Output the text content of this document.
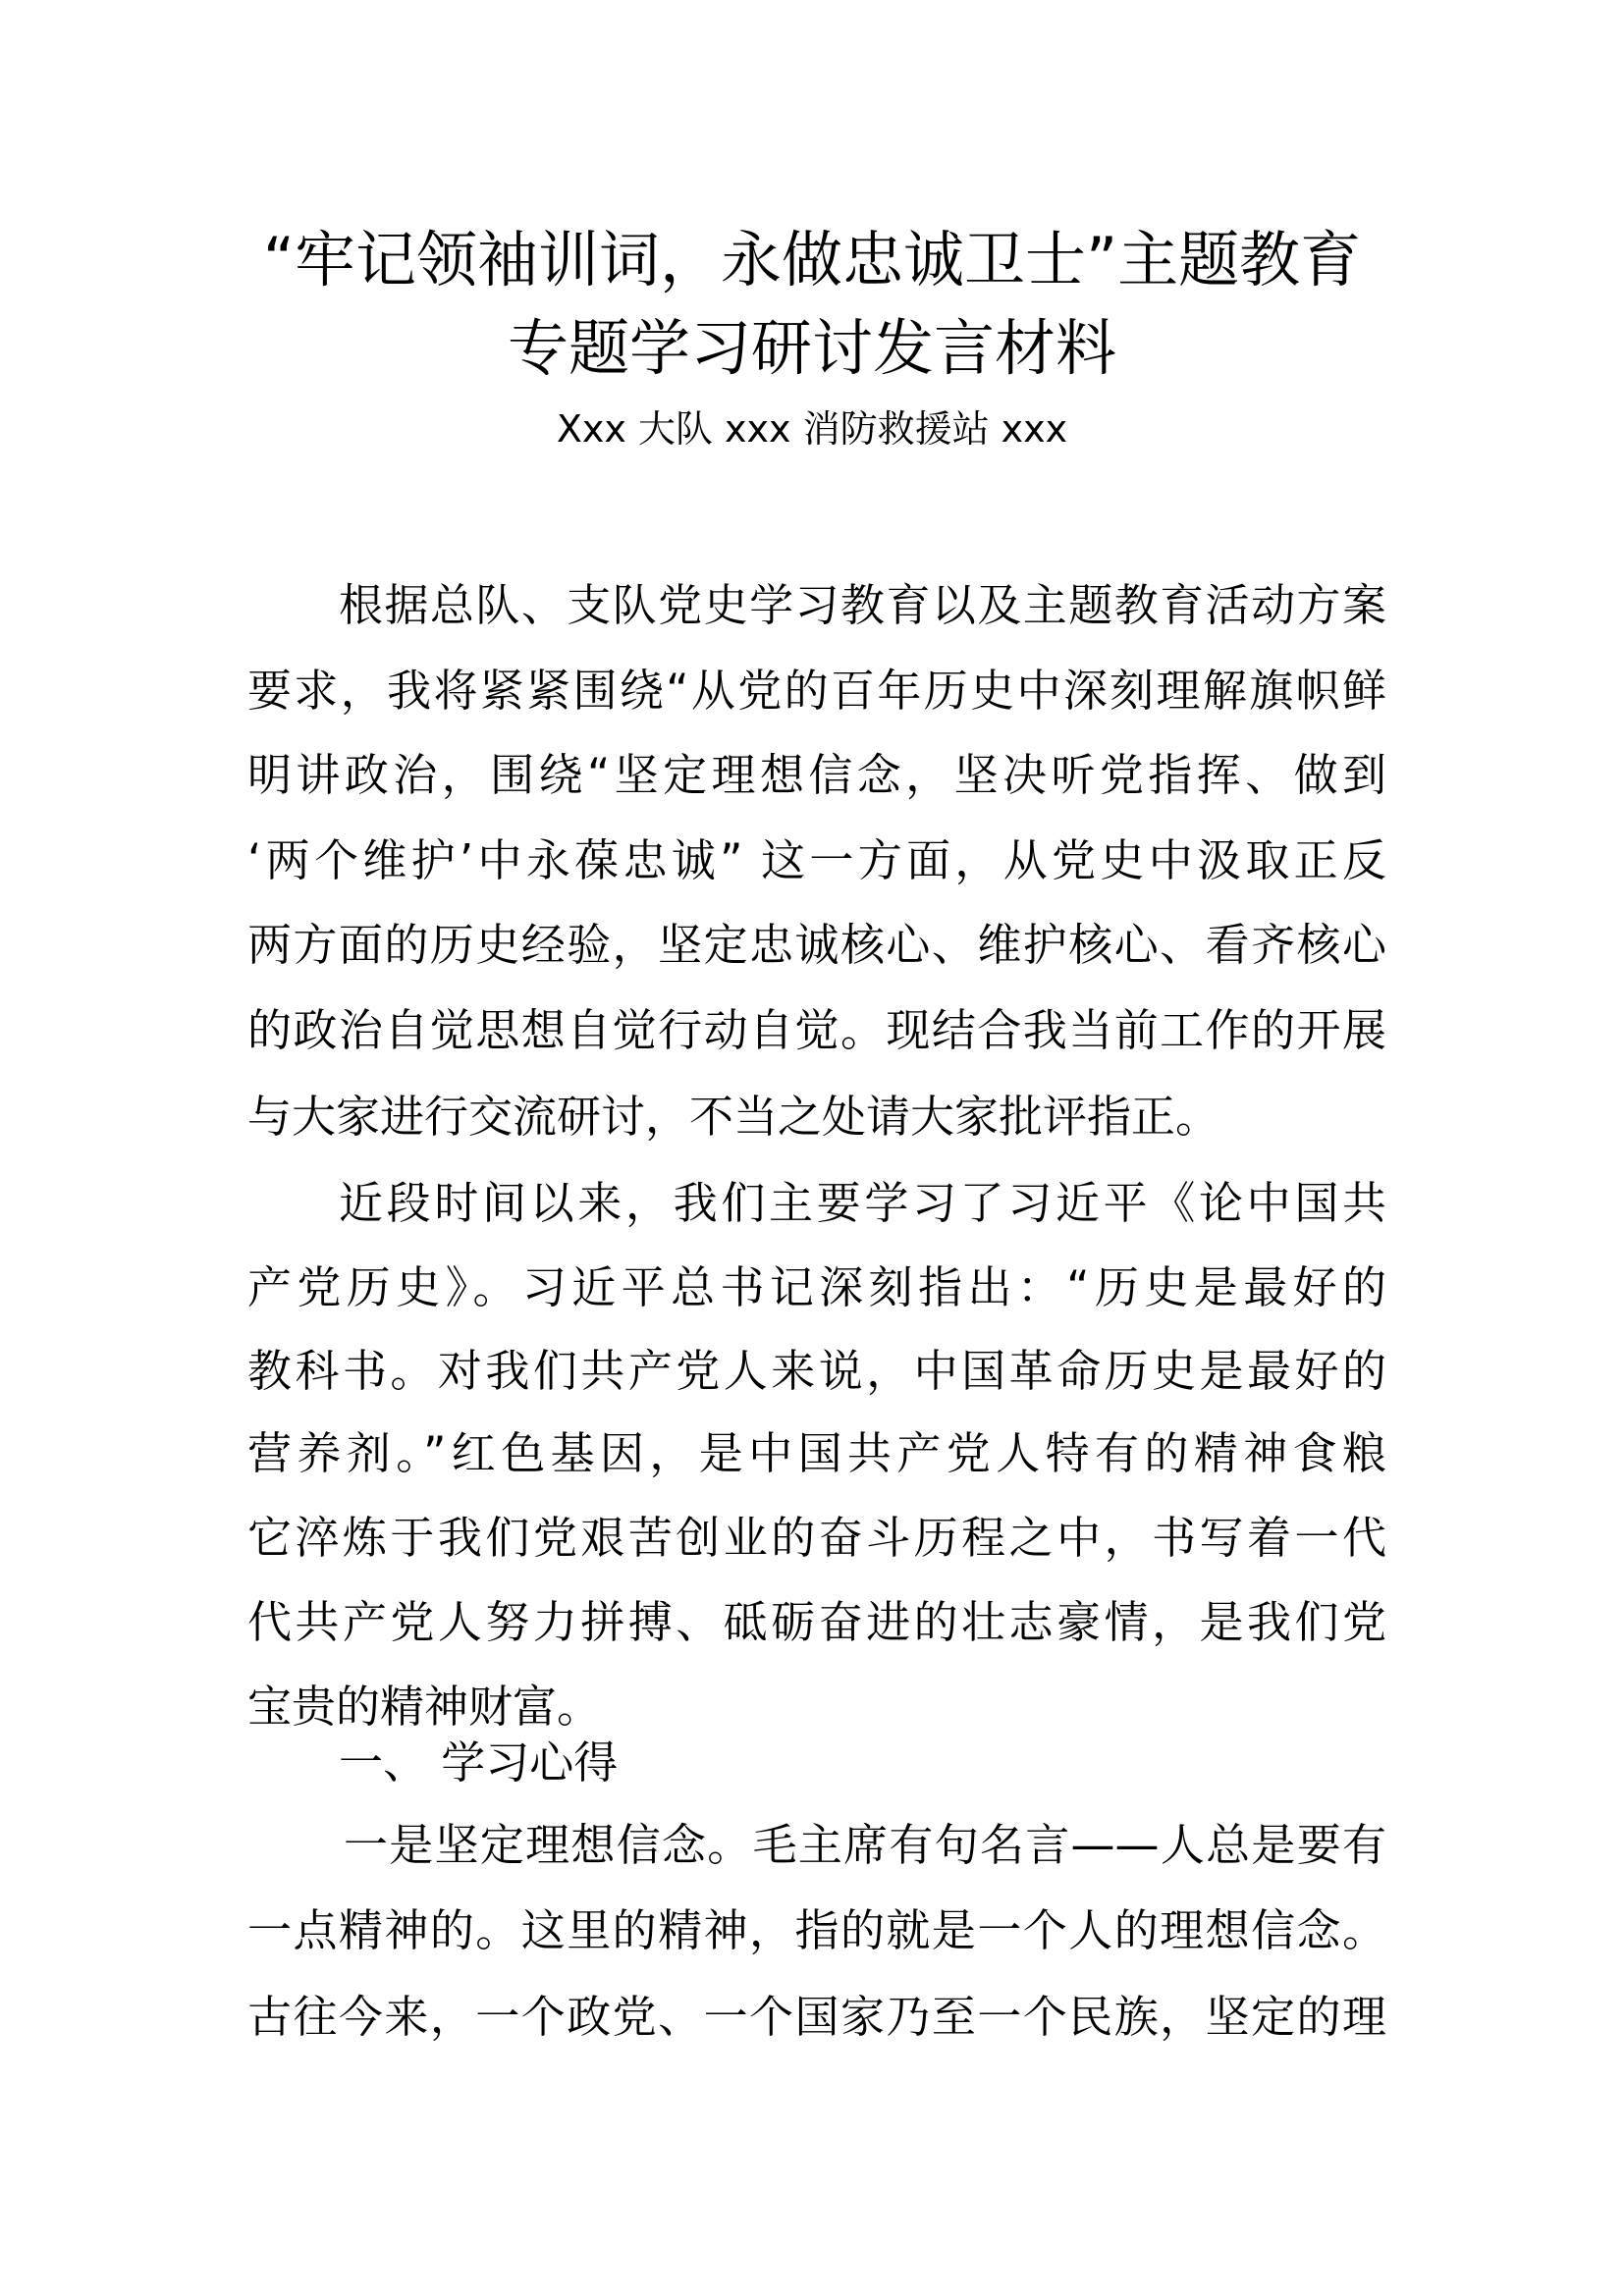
“牢记领袖训词，永做忠诚卫士”主题教育
专题学习研讨发言材料
Xxx 大队 xxx 消防救援站 xxx
根据总队、支队党史学习教育以及主题教育活动方案
要求，我将紧紧围绕“从党的百年历史中深刻理解旗帜鲜
明讲政治，围绕“坚定理想信念，坚决听党指挥、做到
‘两个维护’中永葆忠诚” 这一方面，从党史中汲取正反
两方面的历史经验，坚定忠诚核心、维护核心、看齐核心
的政治自觉思想自觉行动自觉。现结合我当前工作的开展
与大家进行交流研讨，不当之处请大家批评指正。
近段时间以来，我们主要学习了习近平《论中国共
产党历史》。习近平总书记深刻指出：“历史是最好的
教科书。对我们共产党人来说，中国革命历史是最好的
营养剂。”红色基因，是中国共产党人特有的精神食粮
它淬炼于我们党艰苦创业的奋斗历程之中，书写着一代
代共产党人努力拼搏、砥砺奋进的壮志豪情，是我们党
宝贵的精神财富。
一、 学习心得
一是坚定理想信念。毛主席有句名言——人总是要有
一点精神的。这里的精神，指的就是一个人的理想信念。
古往今来，一个政党、一个国家乃至一个民族，坚定的理
